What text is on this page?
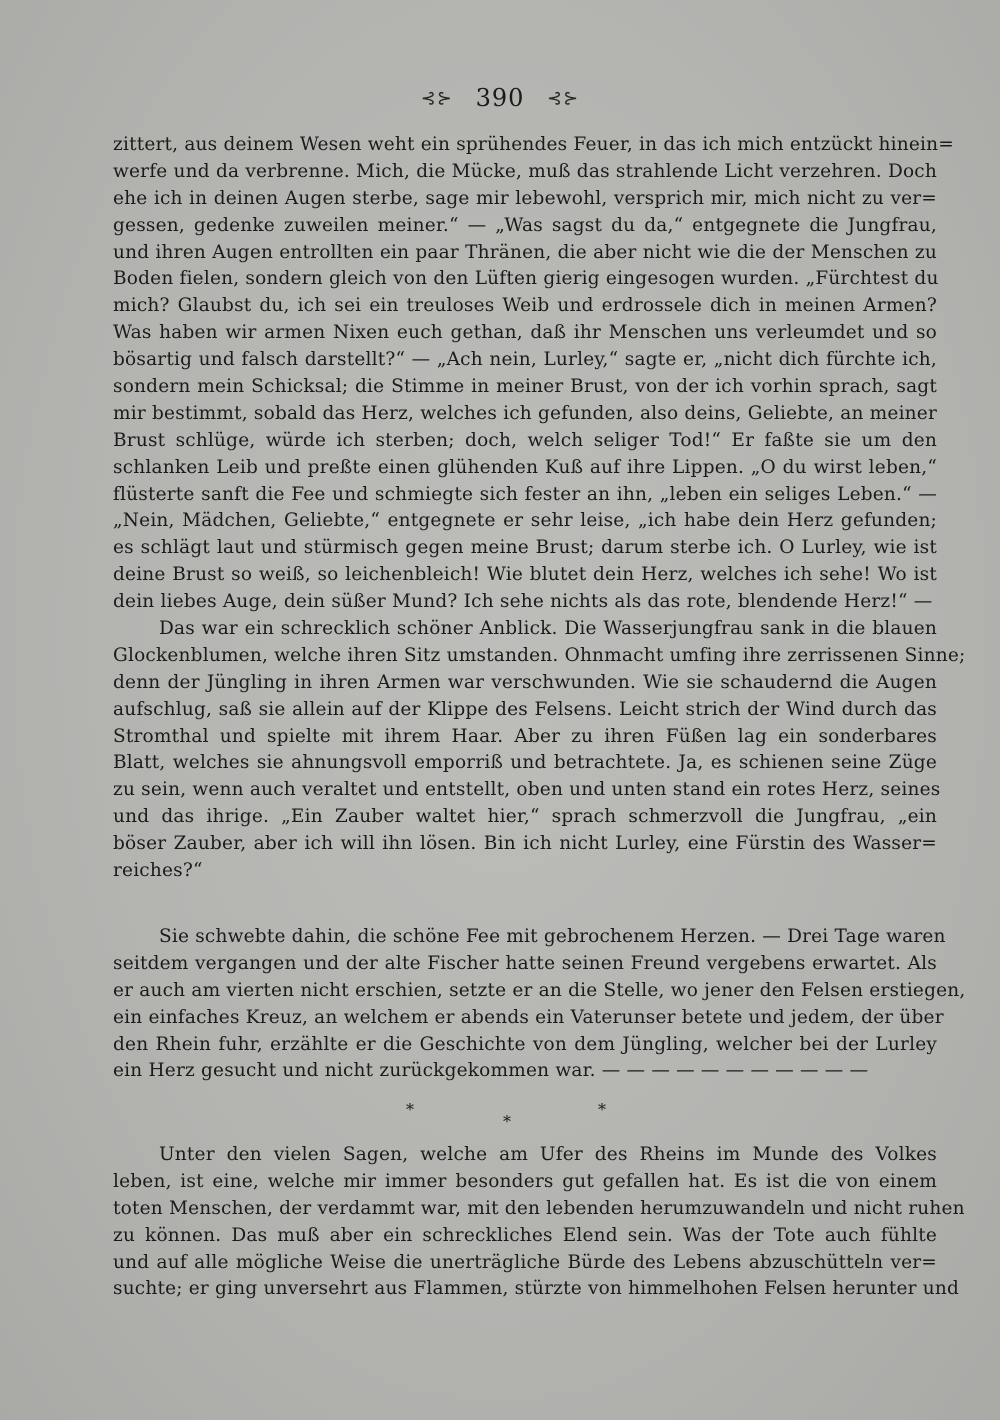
⊰⊱ 390 ⊰⊱
zittert, aus deinem Wesen weht ein sprühendes Feuer, in das ich mich entzückt hinein=
werfe und da verbrenne. Mich, die Mücke, muß das strahlende Licht verzehren. Doch
ehe ich in deinen Augen sterbe, sage mir lebewohl, versprich mir, mich nicht zu ver=
gessen, gedenke zuweilen meiner.“ — „Was sagst du da,“ entgegnete die Jungfrau,
und ihren Augen entrollten ein paar Thränen, die aber nicht wie die der Menschen zu
Boden fielen, sondern gleich von den Lüften gierig eingesogen wurden. „Fürchtest du
mich? Glaubst du, ich sei ein treuloses Weib und erdrossele dich in meinen Armen?
Was haben wir armen Nixen euch gethan, daß ihr Menschen uns verleumdet und so
bösartig und falsch darstellt?“ — „Ach nein, Lurley,“ sagte er, „nicht dich fürchte ich,
sondern mein Schicksal; die Stimme in meiner Brust, von der ich vorhin sprach, sagt
mir bestimmt, sobald das Herz, welches ich gefunden, also deins, Geliebte, an meiner
Brust schlüge, würde ich sterben; doch, welch seliger Tod!“ Er faßte sie um den
schlanken Leib und preßte einen glühenden Kuß auf ihre Lippen. „O du wirst leben,“
flüsterte sanft die Fee und schmiegte sich fester an ihn, „leben ein seliges Leben.“ —
„Nein, Mädchen, Geliebte,“ entgegnete er sehr leise, „ich habe dein Herz gefunden;
es schlägt laut und stürmisch gegen meine Brust; darum sterbe ich. O Lurley, wie ist
deine Brust so weiß, so leichenbleich! Wie blutet dein Herz, welches ich sehe! Wo ist
dein liebes Auge, dein süßer Mund? Ich sehe nichts als das rote, blendende Herz!“ —
Das war ein schrecklich schöner Anblick. Die Wasserjungfrau sank in die blauen
Glockenblumen, welche ihren Sitz umstanden. Ohnmacht umfing ihre zerrissenen Sinne;
denn der Jüngling in ihren Armen war verschwunden. Wie sie schaudernd die Augen
aufschlug, saß sie allein auf der Klippe des Felsens. Leicht strich der Wind durch das
Stromthal und spielte mit ihrem Haar. Aber zu ihren Füßen lag ein sonderbares
Blatt, welches sie ahnungsvoll emporriß und betrachtete. Ja, es schienen seine Züge
zu sein, wenn auch veraltet und entstellt, oben und unten stand ein rotes Herz, seines
und das ihrige. „Ein Zauber waltet hier,“ sprach schmerzvoll die Jungfrau, „ein
böser Zauber, aber ich will ihn lösen. Bin ich nicht Lurley, eine Fürstin des Wasser=
reiches?“
Sie schwebte dahin, die schöne Fee mit gebrochenem Herzen. — Drei Tage waren
seitdem vergangen und der alte Fischer hatte seinen Freund vergebens erwartet. Als
er auch am vierten nicht erschien, setzte er an die Stelle, wo jener den Felsen erstiegen,
ein einfaches Kreuz, an welchem er abends ein Vaterunser betete und jedem, der über
den Rhein fuhr, erzählte er die Geschichte von dem Jüngling, welcher bei der Lurley
ein Herz gesucht und nicht zurückgekommen war. — — — — — — — — — — —
*
*
*
Unter den vielen Sagen, welche am Ufer des Rheins im Munde des Volkes
leben, ist eine, welche mir immer besonders gut gefallen hat. Es ist die von einem
toten Menschen, der verdammt war, mit den lebenden herumzuwandeln und nicht ruhen
zu können. Das muß aber ein schreckliches Elend sein. Was der Tote auch fühlte
und auf alle mögliche Weise die unerträgliche Bürde des Lebens abzuschütteln ver=
suchte; er ging unversehrt aus Flammen, stürzte von himmelhohen Felsen herunter und
